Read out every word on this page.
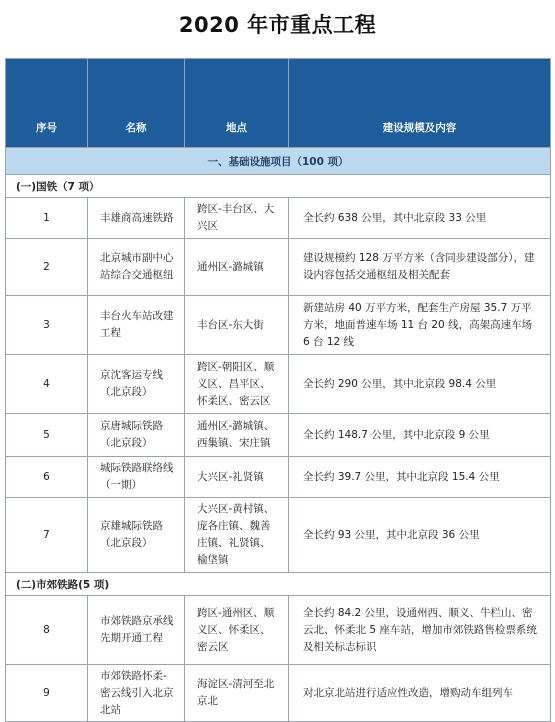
2020 年市重点工程
序号	名称	地点	建设规模及内容
一、基础设施项目（100 项）			
(一)国铁（7 项）			
1	丰雄商高速铁路	跨区-丰台区、大兴区	全长约 638 公里，其中北京段 33 公里
2	北京城市副中心站综合交通枢纽	通州区-潞城镇	建设规模约 128 万平方米（含同步建设部分），建设内容包括交通枢纽及相关配套
3	丰台火车站改建工程	丰台区-东大街	新建站房 40 万平方米，配套生产房屋 35.7 万平方米，地面普速车场 11 台 20 线，高架高速车场 6 台 12 线
4	京沈客运专线（北京段）	跨区-朝阳区、顺义区、昌平区、怀柔区、密云区	全长约 290 公里，其中北京段 98.4 公里
5	京唐城际铁路（北京段）	通州区-潞城镇、西集镇、宋庄镇	全长约 148.7 公里，其中北京段 9 公里
6	城际铁路联络线（一期）	大兴区-礼贤镇	全长约 39.7 公里，其中北京段 15.4 公里
7	京雄城际铁路（北京段）	大兴区-黄村镇、庞各庄镇、魏善庄镇、礼贤镇、榆垡镇	全长约 93 公里，其中北京段 36 公里
(二)市郊铁路(5 项)			
8	市郊铁路京承线先期开通工程	跨区-通州区、顺义区、怀柔区、密云区	全长约 84.2 公里，设通州西、顺义、牛栏山、密云北、怀柔北 5 座车站，增加市郊铁路售检票系统及相关标志标识
9	市郊铁路怀柔-密云线引入北京北站	海淀区-清河至北京北	对北京北站进行适应性改造，增购动车组列车
